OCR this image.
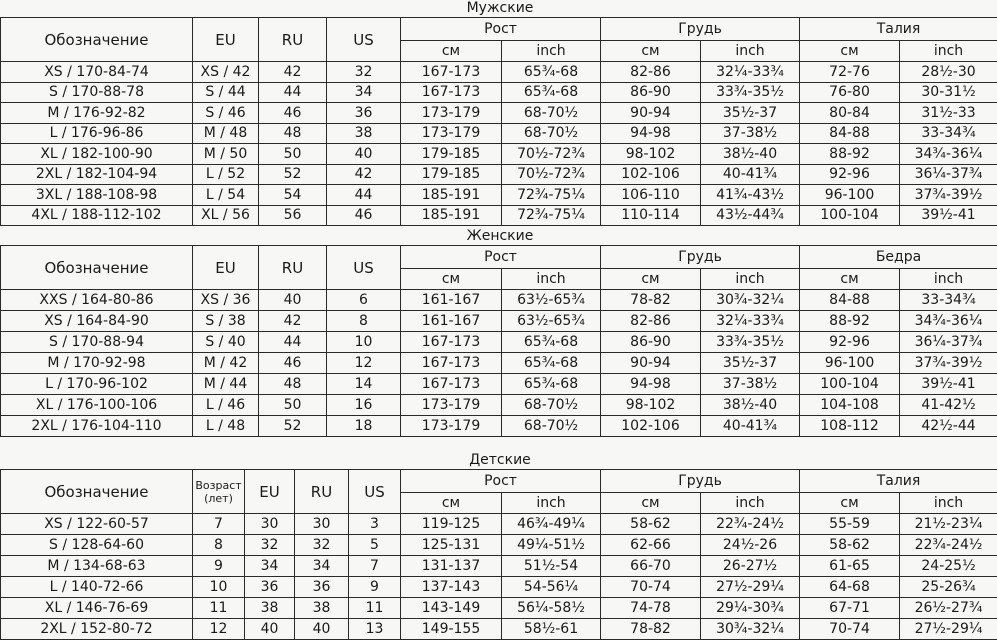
Мужские
Обозначение	EU	RU	US	Рост		Грудь		Талия	
				см	inch	см	inch	см	inch
XS / 170-84-74	XS / 42	42	32	167-173	65¾-68	82-86	32¼-33¾	72-76	28½-30
S / 170-88-78	S / 44	44	34	167-173	65¾-68	86-90	33¾-35½	76-80	30-31½
M / 176-92-82	S / 46	46	36	173-179	68-70½	90-94	35½-37	80-84	31½-33
L / 176-96-86	M / 48	48	38	173-179	68-70½	94-98	37-38½	84-88	33-34¾
XL / 182-100-90	M / 50	50	40	179-185	70½-72¾	98-102	38½-40	88-92	34¾-36¼
2XL / 182-104-94	L / 52	52	42	179-185	70½-72¾	102-106	40-41¾	92-96	36¼-37¾
3XL / 188-108-98	L / 54	54	44	185-191	72¾-75¼	106-110	41¾-43½	96-100	37¾-39½
4XL / 188-112-102	XL / 56	56	46	185-191	72¾-75¼	110-114	43½-44¾	100-104	39½-41
Женские
Обозначение	EU	RU	US	Рост		Грудь		Бедра	
				см	inch	см	inch	см	inch
XXS / 164-80-86	XS / 36	40	6	161-167	63½-65¾	78-82	30¾-32¼	84-88	33-34¾
XS / 164-84-90	S / 38	42	8	161-167	63½-65¾	82-86	32¼-33¾	88-92	34¾-36¼
S / 170-88-94	S / 40	44	10	167-173	65¾-68	86-90	33¾-35½	92-96	36¼-37¾
M / 170-92-98	M / 42	46	12	167-173	65¾-68	90-94	35½-37	96-100	37¾-39½
L / 170-96-102	M / 44	48	14	167-173	65¾-68	94-98	37-38½	100-104	39½-41
XL / 176-100-106	L / 46	50	16	173-179	68-70½	98-102	38½-40	104-108	41-42½
2XL / 176-104-110	L / 48	52	18	173-179	68-70½	102-106	40-41¾	108-112	42½-44
Детские
Обозначение	Возраст
(лет)	EU	RU	US	Рост		Грудь		Талия	
					см	inch	см	inch	см	inch
XS / 122-60-57	7	30	30	3	119-125	46¾-49¼	58-62	22¾-24½	55-59	21½-23¼
S / 128-64-60	8	32	32	5	125-131	49¼-51½	62-66	24½-26	58-62	22¾-24½
M / 134-68-63	9	34	34	7	131-137	51½-54	66-70	26-27½	61-65	24-25½
L / 140-72-66	10	36	36	9	137-143	54-56¼	70-74	27½-29¼	64-68	25-26¾
XL / 146-76-69	11	38	38	11	143-149	56¼-58½	74-78	29¼-30¾	67-71	26½-27¾
2XL / 152-80-72	12	40	40	13	149-155	58½-61	78-82	30¾-32¼	70-74	27½-29¼
